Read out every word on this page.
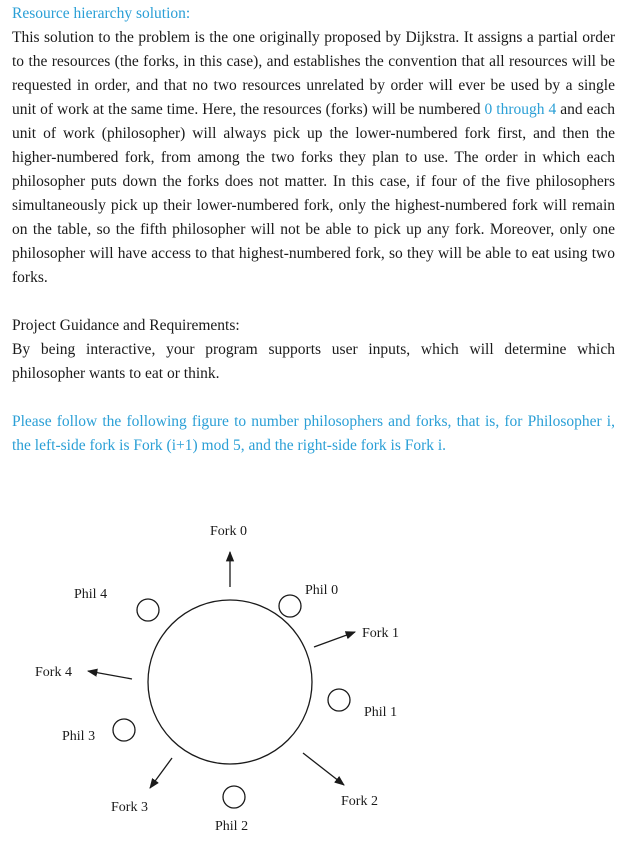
Resource hierarchy solution:

This solution to the problem is the one originally proposed by Dijkstra. It assigns a partial order to the resources (the forks, in this case), and establishes the convention that all resources will be requested in order, and that no two resources unrelated by order will ever be used by a single unit of work at the same time. Here, the resources (forks) will be numbered 0 through 4 and each unit of work (philosopher) will always pick up the lower-numbered fork first, and then the higher-numbered fork, from among the two forks they plan to use. The order in which each philosopher puts down the forks does not matter. In this case, if four of the five philosophers simultaneously pick up their lower-numbered fork, only the highest-numbered fork will remain on the table, so the fifth philosopher will not be able to pick up any fork. Moreover, only one philosopher will have access to that highest-numbered fork, so they will be able to eat using two forks.

Project Guidance and Requirements:

By being interactive, your program supports user inputs, which will determine which philosopher wants to eat or think.

Please follow the following figure to number philosophers and forks, that is, for Philosopher i, the left-side fork is Fork (i+1) mod 5, and the right-side fork is Fork i.

Fork 0
Fork 1
Fork 2
Fork 3
Fork 4
Phil 0
Phil 1
Phil 2
Phil 3
Phil 4
